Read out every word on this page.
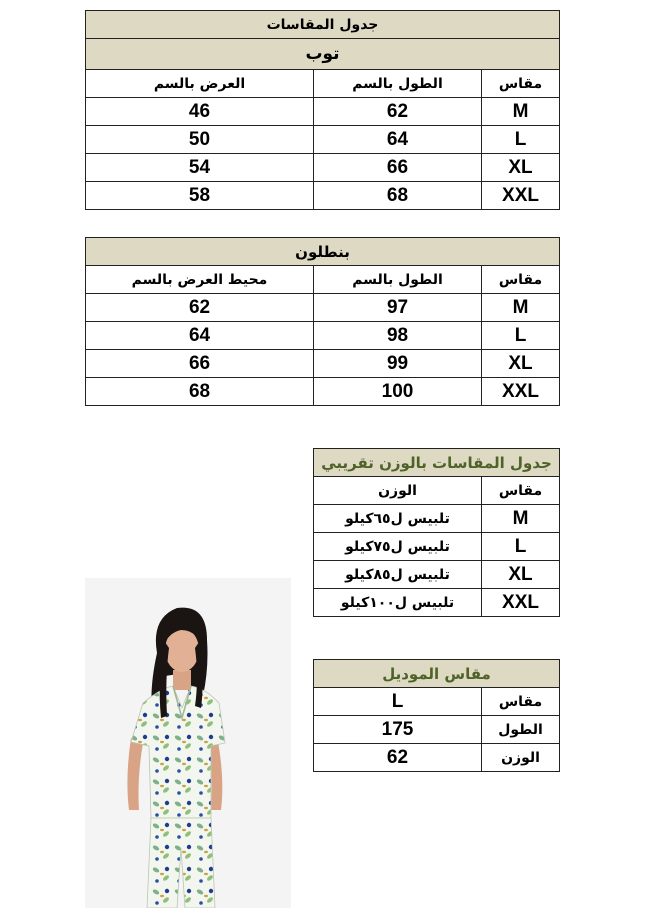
جدول المقاسات		
توب		
مقاس	الطول بالسم	العرض بالسم
M	62	46
L	64	50
XL	66	54
XXL	68	58
بنطلون		
مقاس	الطول بالسم	محيط العرض بالسم
M	97	62
L	98	64
XL	99	66
XXL	100	68
جدول المقاسات بالوزن تقريبي	
مقاس	الوزن
M	تلبيس ل٦٥كيلو
L	تلبيس ل٧٥كيلو
XL	تلبيس ل٨٥كيلو
XXL	تلبيس ل١٠٠كيلو
مقاس الموديل	
مقاس	L
الطول	175
الوزن	62
